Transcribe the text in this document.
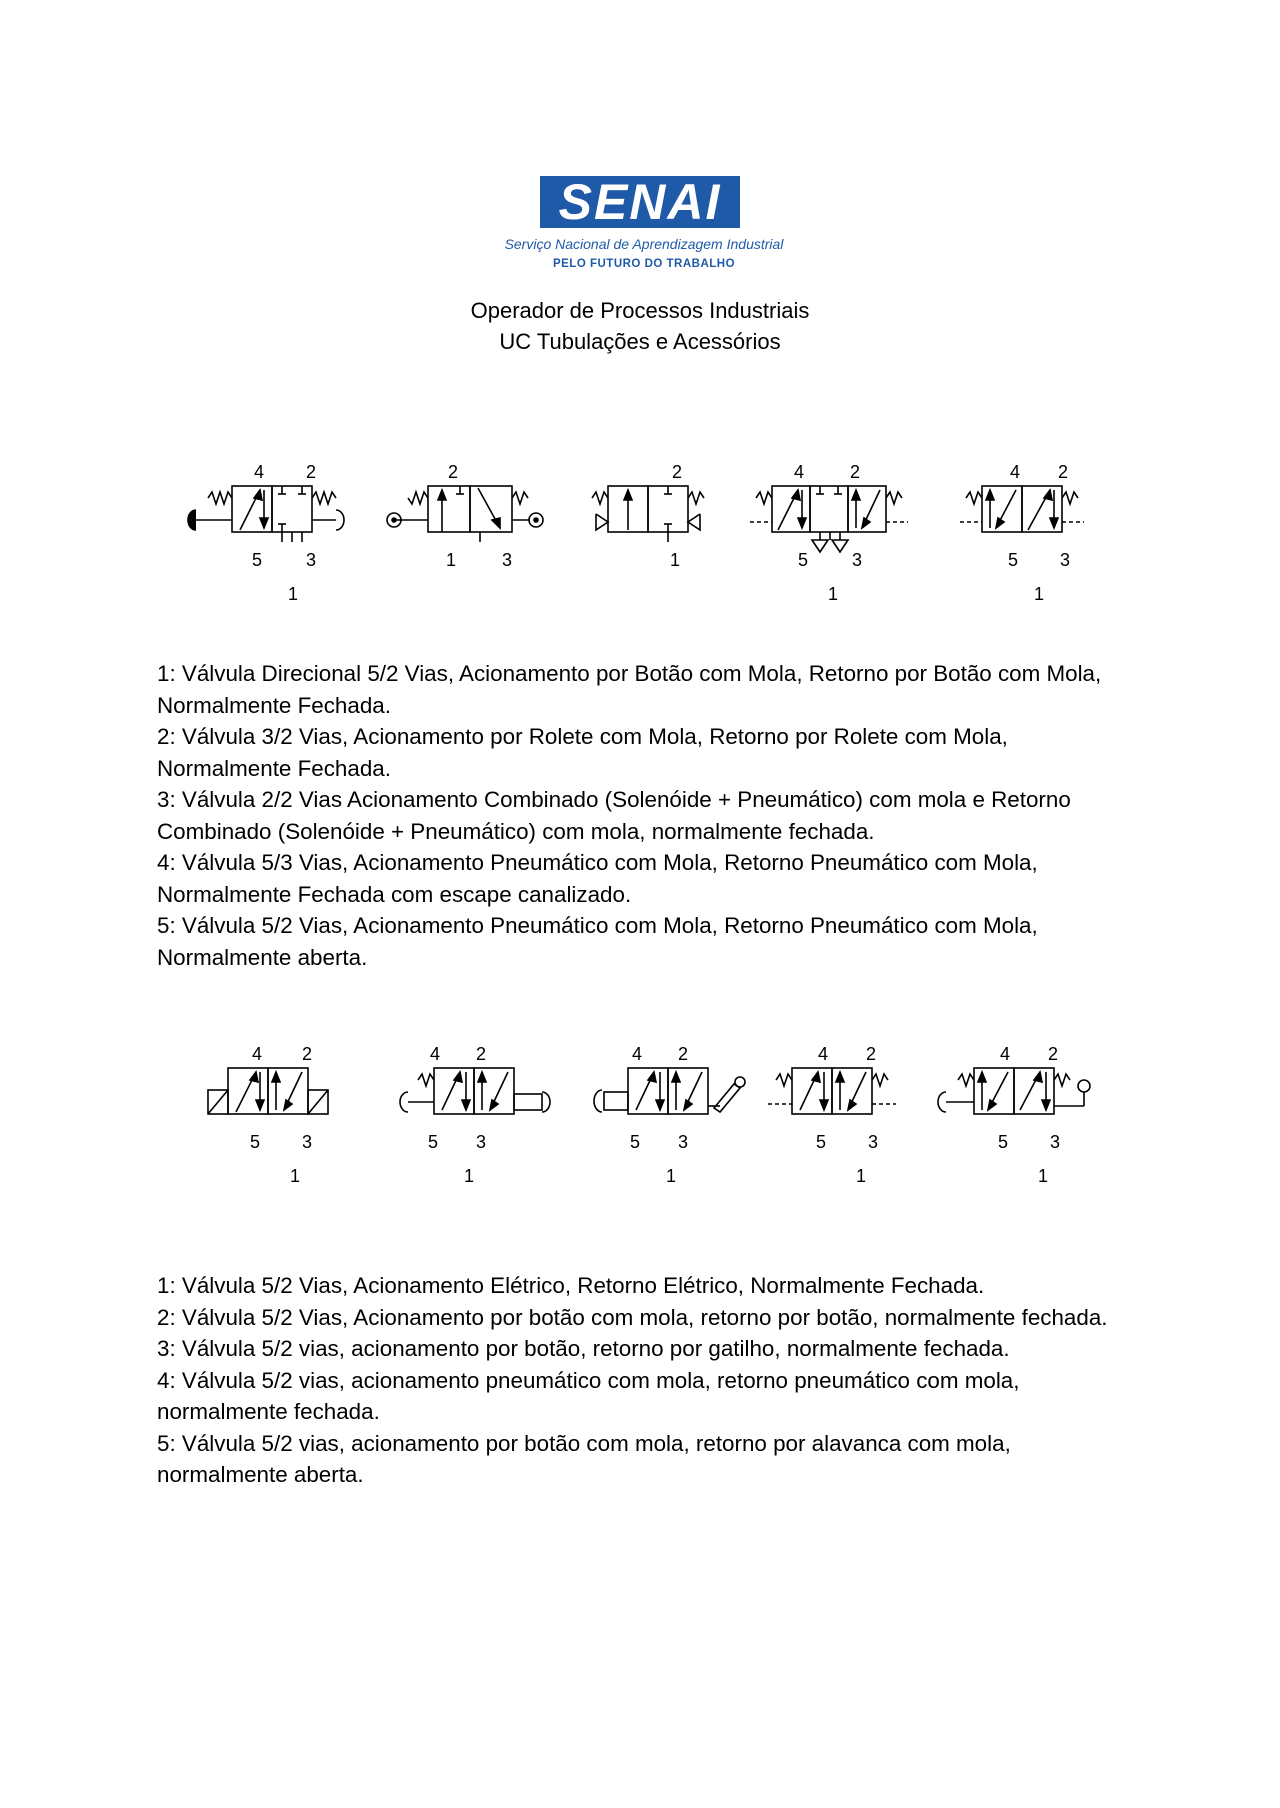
SENAI
Serviço Nacional de Aprendizagem Industrial
PELO FUTURO DO TRABALHO
Operador de Processos Industriais
UC Tubulações e Acessórios
4 2
5 3
1
2
1	3
2
1
4	2
5 3
1
4 2
5 3
1

1: Válvula Direcional 5/2 Vias, Acionamento por Botão com Mola, Retorno por Botão com Mola, Normalmente Fechada.

2: Válvula 3/2 Vias, Acionamento por Rolete com Mola, Retorno por Rolete com Mola, Normalmente Fechada.

3: Válvula 2/2 Vias Acionamento Combinado (Solenóide + Pneumático) com mola e Retorno Combinado (Solenóide + Pneumático) com mola, normalmente fechada.

4: Válvula 5/3 Vias, Acionamento Pneumático com Mola, Retorno Pneumático com Mola, Normalmente Fechada com escape canalizado.

5: Válvula 5/2 Vias, Acionamento Pneumático com Mola, Retorno Pneumático com Mola, Normalmente aberta.

4 2
5 3
1
4 2
5 3
1
4 2
5 3
1
4 2
5 3
1
4 2
5 3
1

1: Válvula 5/2 Vias, Acionamento Elétrico, Retorno Elétrico, Normalmente Fechada.

2: Válvula 5/2 Vias, Acionamento por botão com mola, retorno por botão, normalmente fechada.

3: Válvula 5/2 vias, acionamento por botão, retorno por gatilho, normalmente fechada.

4: Válvula 5/2 vias, acionamento pneumático com mola, retorno pneumático com mola, normalmente fechada.

5: Válvula 5/2 vias, acionamento por botão com mola, retorno por alavanca com mola, normalmente aberta.
